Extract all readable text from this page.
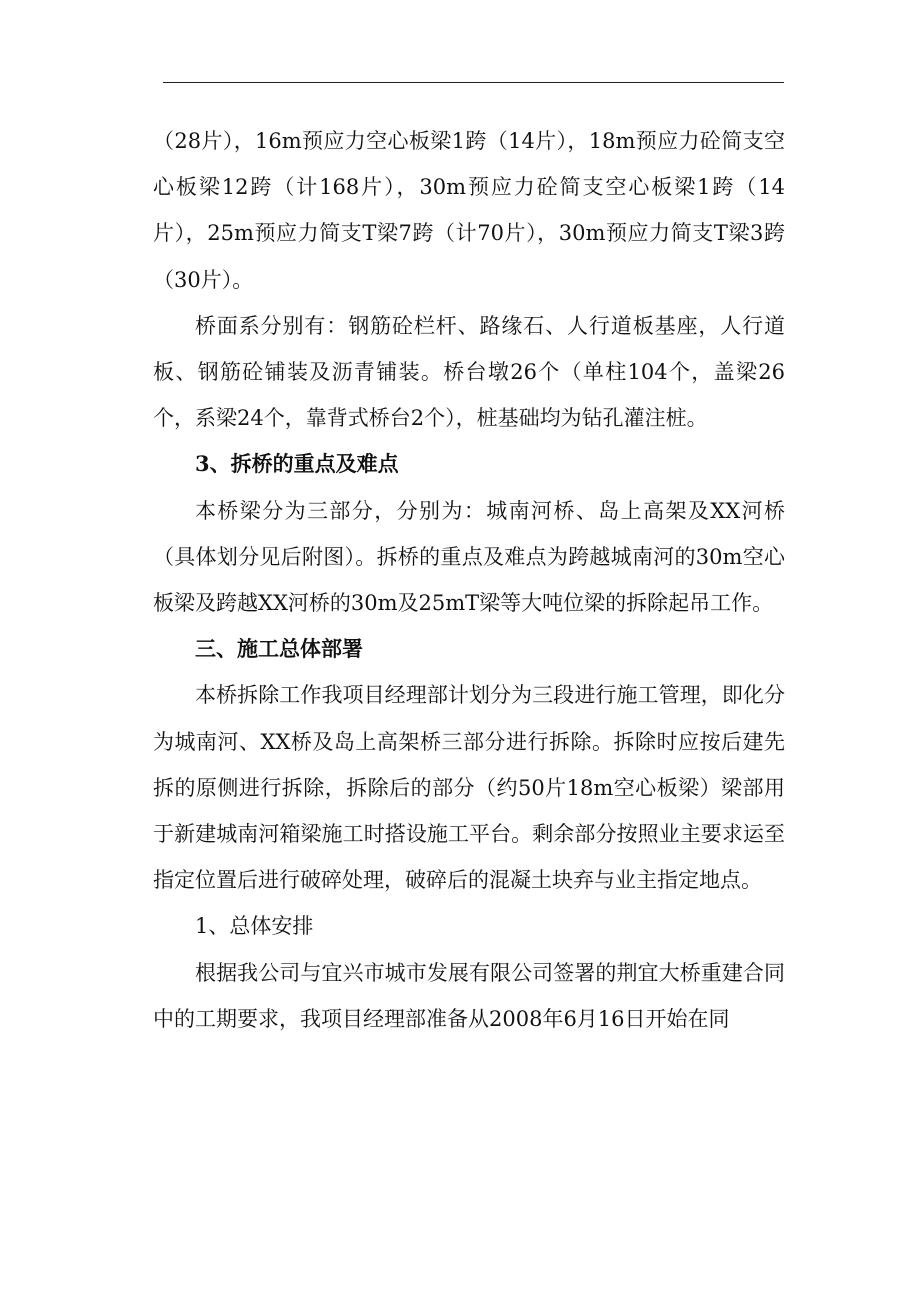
（28片），16m预应力空心板梁1跨（14片），18m预应力砼简支空心板梁12跨（计168片），30m预应力砼简支空心板梁1跨（14片），25m预应力简支T梁7跨（计70片），30m预应力简支T梁3跨（30片）。

桥面系分别有：钢筋砼栏杆、路缘石、人行道板基座，人行道板、钢筋砼铺装及沥青铺装。桥台墩26个（单柱104个，盖梁26个，系梁24个，靠背式桥台2个），桩基础均为钻孔灌注桩。

3、拆桥的重点及难点

本桥梁分为三部分，分别为：城南河桥、岛上高架及XX河桥（具体划分见后附图）。拆桥的重点及难点为跨越城南河的30m空心板梁及跨越XX河桥的30m及25mT梁等大吨位梁的拆除起吊工作。

三、施工总体部署

本桥拆除工作我项目经理部计划分为三段进行施工管理，即化分为城南河、XX桥及岛上高架桥三部分进行拆除。拆除时应按后建先拆的原侧进行拆除，拆除后的部分（约50片18m空心板梁）梁部用于新建城南河箱梁施工时搭设施工平台。剩余部分按照业主要求运至指定位置后进行破碎处理，破碎后的混凝土块弃与业主指定地点。

1、总体安排

根据我公司与宜兴市城市发展有限公司签署的荆宜大桥重建合同中的工期要求，我项目经理部准备从2008年6月16日开始在同
